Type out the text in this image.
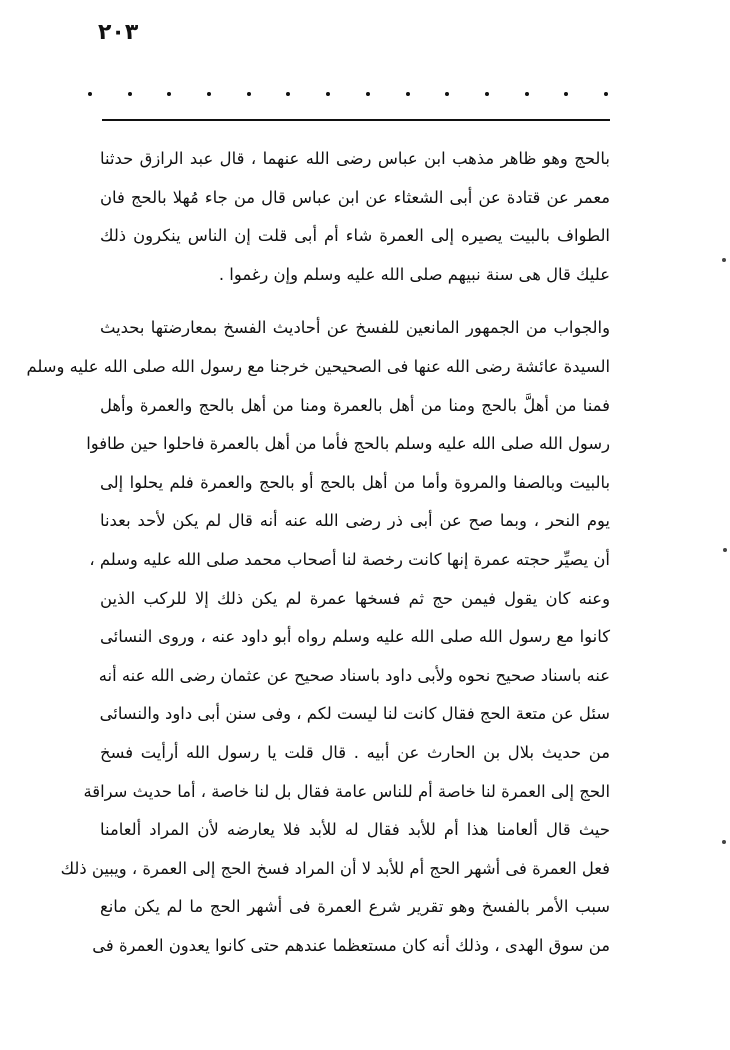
٢٠٣
بالحج وهو ظاهر مذهب ابن عباس رضى الله عنهما ، قال عبد الرازق حدثنا
معمر عن قتادة عن أبى الشعثاء عن ابن عباس قال من جاء مُهلا بالحج فان
الطواف بالبيت يصيره إلى العمرة شاء أم أبى قلت إن الناس ينكرون ذلك
عليك قال هى سنة نبيهم صلى الله عليه وسلم وإن رغموا .
والجواب من الجمهور المانعين للفسخ عن أحاديث الفسخ بمعارضتها بحديث
السيدة عائشة رضى الله عنها فى الصحيحين خرجنا مع رسول الله صلى الله عليه وسلم
فمنا من أهلَّ بالحج ومنا من أهل بالعمرة ومنا من أهل بالحج والعمرة وأهل
رسول الله صلى الله عليه وسلم بالحج فأما من أهل بالعمرة فاحلوا حين طافوا
بالبيت وبالصفا والمروة وأما من أهل بالحج أو بالحج والعمرة فلم يحلوا إلى
يوم النحر ، وبما صح عن أبى ذر رضى الله عنه أنه قال لم يكن لأحد بعدنا
أن يصيِّر حجته عمرة إنها كانت رخصة لنا أصحاب محمد صلى الله عليه وسلم ،
وعنه كان يقول فيمن حج ثم فسخها عمرة لم يكن ذلك إلا للركب الذين
كانوا مع رسول الله صلى الله عليه وسلم رواه أبو داود عنه ، وروى النسائى
عنه باسناد صحيح نحوه ولأبى داود باسناد صحيح عن عثمان رضى الله عنه أنه
سئل عن متعة الحج فقال كانت لنا ليست لكم ، وفى سنن أبى داود والنسائى
من حديث بلال بن الحارث عن أبيه . قال قلت يا رسول الله أرأيت فسخ
الحج إلى العمرة لنا خاصة أم للناس عامة فقال بل لنا خاصة ، أما حديث سراقة
حيث قال ألعامنا هذا أم للأبد فقال له للأبد فلا يعارضه لأن المراد ألعامنا
فعل العمرة فى أشهر الحج أم للأبد لا أن المراد فسخ الحج إلى العمرة ، ويبين ذلك
سبب الأمر بالفسخ وهو تقرير شرع العمرة فى أشهر الحج ما لم يكن مانع
من سوق الهدى ، وذلك أنه كان مستعظما عندهم حتى كانوا يعدون العمرة فى
